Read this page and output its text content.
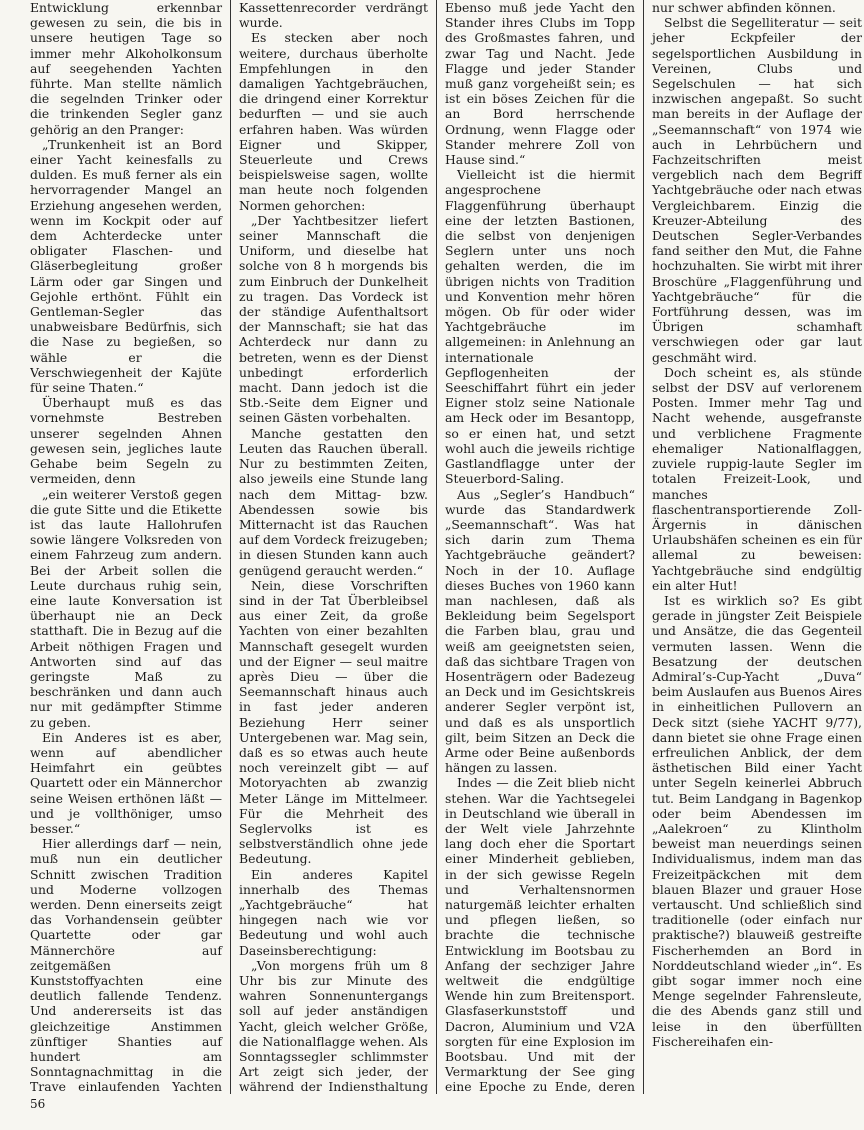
Entwicklung erkennbar gewesen zu sein, die bis in unsere heutigen Tage so immer mehr Alkoholkonsum auf seegehenden Yachten führte. Man stellte nämlich die segelnden Trinker oder die trinkenden Segler ganz gehörig an den Pranger:

„Trunkenheit ist an Bord einer Yacht keinesfalls zu dulden. Es muß ferner als ein hervorragender Mangel an Erziehung angesehen werden, wenn im Kockpit oder auf dem Achterdecke unter obligater Flaschen- und Gläserbegleitung großer Lärm oder gar Singen und Gejohle erthönt. Fühlt ein Gentleman-Segler das unabweisbare Bedürfnis, sich die Nase zu begießen, so wähle er die Verschwiegenheit der Kajüte für seine Thaten.“

Überhaupt muß es das vornehmste Bestreben unserer segelnden Ahnen gewesen sein, jegliches laute Gehabe beim Segeln zu vermeiden, denn

„ein weiterer Verstoß gegen die gute Sitte und die Etikette ist das laute Hallohrufen sowie längere Volksreden von einem Fahrzeug zum andern. Bei der Arbeit sollen die Leute durchaus ruhig sein, eine laute Konversation ist überhaupt nie an Deck statthaft. Die in Bezug auf die Arbeit nöthigen Fragen und Antworten sind auf das geringste Maß zu beschränken und dann auch nur mit gedämpfter Stimme zu geben.

Ein Anderes ist es aber, wenn auf abendlicher Heimfahrt ein geübtes Quartett oder ein Männerchor seine Weisen erthönen läßt — und je vollthöniger, umso besser.“

Hier allerdings darf — nein, muß nun ein deutlicher Schnitt zwischen Tradition und Moderne vollzogen werden. Denn einerseits zeigt das Vorhandensein geübter Quartette oder gar Männerchöre auf zeitgemäßen Kunststoffyachten eine deutlich fallende Tendenz. Und andererseits ist das gleichzeitige Anstimmen zünftiger Shanties auf hundert am Sonntagnachmittag in die Trave einlaufenden Yachten

Kassettenrecorder verdrängt wurde.

Es stecken aber noch weitere, durchaus überholte Empfehlungen in den damaligen Yachtgebräuchen, die dringend einer Korrektur bedurften — und sie auch erfahren haben. Was würden Eigner und Skipper, Steuerleute und Crews beispielsweise sagen, wollte man heute noch folgenden Normen gehorchen:

„Der Yachtbesitzer liefert seiner Mannschaft die Uniform, und dieselbe hat solche von 8 h morgends bis zum Einbruch der Dunkelheit zu tragen. Das Vordeck ist der ständige Aufenthaltsort der Mannschaft; sie hat das Achterdeck nur dann zu betreten, wenn es der Dienst unbedingt erforderlich macht. Dann jedoch ist die Stb.-Seite dem Eigner und seinen Gästen vorbehalten.

Manche gestatten den Leuten das Rauchen überall. Nur zu bestimmten Zeiten, also jeweils eine Stunde lang nach dem Mittag- bzw. Abendessen sowie bis Mitternacht ist das Rauchen auf dem Vordeck freizugeben; in diesen Stunden kann auch genügend geraucht werden.“

Nein, diese Vorschriften sind in der Tat Überbleibsel aus einer Zeit, da große Yachten von einer bezahlten Mannschaft gesegelt wurden und der Eigner — seul maitre après Dieu — über die Seemannschaft hinaus auch in fast jeder anderen Beziehung Herr seiner Untergebenen war. Mag sein, daß es so etwas auch heute noch vereinzelt gibt — auf Motoryachten ab zwanzig Meter Länge im Mittelmeer. Für die Mehrheit des Seglervolks ist es selbstverständlich ohne jede Bedeutung.

Ein anderes Kapitel innerhalb des Themas „Yachtgebräuche“ hat hingegen nach wie vor Bedeutung und wohl auch Daseinsberechtigung:

„Von morgens früh um 8 Uhr bis zur Minute des wahren Sonnenuntergangs soll auf jeder anständigen Yacht, gleich welcher Größe, die Nationalflagge wehen. Als Sonntagssegler schlimmster Art zeigt sich jeder, der während der Indiensthaltung

Ebenso muß jede Yacht den Stander ihres Clubs im Topp des Großmastes fahren, und zwar Tag und Nacht. Jede Flagge und jeder Stander muß ganz vorgeheißt sein; es ist ein böses Zeichen für die an Bord herrschende Ordnung, wenn Flagge oder Stander mehrere Zoll von Hause sind.“

Vielleicht ist die hiermit angesprochene Flaggenführung überhaupt eine der letzten Bastionen, die selbst von denjenigen Seglern unter uns noch gehalten werden, die im übrigen nichts von Tradition und Konvention mehr hören mögen. Ob für oder wider Yachtgebräuche im allgemeinen: in Anlehnung an internationale Gepflogenheiten der Seeschiffahrt führt ein jeder Eigner stolz seine Nationale am Heck oder im Besantopp, so er einen hat, und setzt wohl auch die jeweils richtige Gastlandflagge unter der Steuerbord-Saling.

Aus „Segler’s Handbuch“ wurde das Standardwerk „Seemannschaft“. Was hat sich darin zum Thema Yachtgebräuche geändert? Noch in der 10. Auflage dieses Buches von 1960 kann man nachlesen, daß als Bekleidung beim Segelsport die Farben blau, grau und weiß am geeignetsten seien, daß das sichtbare Tragen von Hosenträgern oder Badezeug an Deck und im Gesichtskreis anderer Segler verpönt ist, und daß es als unsportlich gilt, beim Sitzen an Deck die Arme oder Beine außenbords hängen zu lassen.

Indes — die Zeit blieb nicht stehen. War die Yachtsegelei in Deutschland wie überall in der Welt viele Jahrzehnte lang doch eher die Sportart einer Minderheit geblieben, in der sich gewisse Regeln und Verhaltensnormen naturgemäß leichter erhalten und pflegen ließen, so brachte die technische Entwicklung im Bootsbau zu Anfang der sechziger Jahre weltweit die endgültige Wende hin zum Breitensport. Glasfaserkunststoff und Dacron, Aluminium und V2A sorgten für eine Explosion im Bootsbau. Und mit der Vermarktung der See ging eine Epoche zu Ende, deren

nur schwer abfinden können.

Selbst die Segelliteratur — seit jeher Eckpfeiler der segelsportlichen Ausbildung in Vereinen, Clubs und Segelschulen — hat sich inzwischen angepaßt. So sucht man bereits in der Auflage der „Seemannschaft“ von 1974 wie auch in Lehrbüchern und Fachzeitschriften meist vergeblich nach dem Begriff Yachtgebräuche oder nach etwas Vergleichbarem. Einzig die Kreuzer-Abteilung des Deutschen Segler-Verbandes fand seither den Mut, die Fahne hochzuhalten. Sie wirbt mit ihrer Broschüre „Flaggenführung und Yachtgebräuche“ für die Fortführung dessen, was im Übrigen schamhaft verschwiegen oder gar laut geschmäht wird.

Doch scheint es, als stünde selbst der DSV auf verlorenem Posten. Immer mehr Tag und Nacht wehende, ausgefranste und verblichene Fragmente ehemaliger Nationalflaggen, zuviele ruppig-laute Segler im totalen Freizeit-Look, und manches flaschentransportierende Zoll-Ärgernis in dänischen Urlaubshäfen scheinen es ein für allemal zu beweisen: Yachtgebräuche sind endgültig ein alter Hut!

Ist es wirklich so? Es gibt gerade in jüngster Zeit Beispiele und Ansätze, die das Gegenteil vermuten lassen. Wenn die Besatzung der deutschen Admiral’s-Cup-Yacht „Duva“ beim Auslaufen aus Buenos Aires in einheitlichen Pullovern an Deck sitzt (siehe YACHT 9/77), dann bietet sie ohne Frage einen erfreulichen Anblick, der dem ästhetischen Bild einer Yacht unter Segeln keinerlei Abbruch tut. Beim Landgang in Bagenkop oder beim Abendessen im „Aalekroen“ zu Klintholm beweist man neuerdings seinen Individualismus, indem man das Freizeitpäckchen mit dem blauen Blazer und grauer Hose vertauscht. Und schließlich sind traditionelle (oder einfach nur praktische?) blauweiß gestreifte Fischerhemden an Bord in Norddeutschland wieder „in“. Es gibt sogar immer noch eine Menge segelnder Fahrensleute, die des Abends ganz still und leise in den überfüllten Fischereihafen ein-

56
